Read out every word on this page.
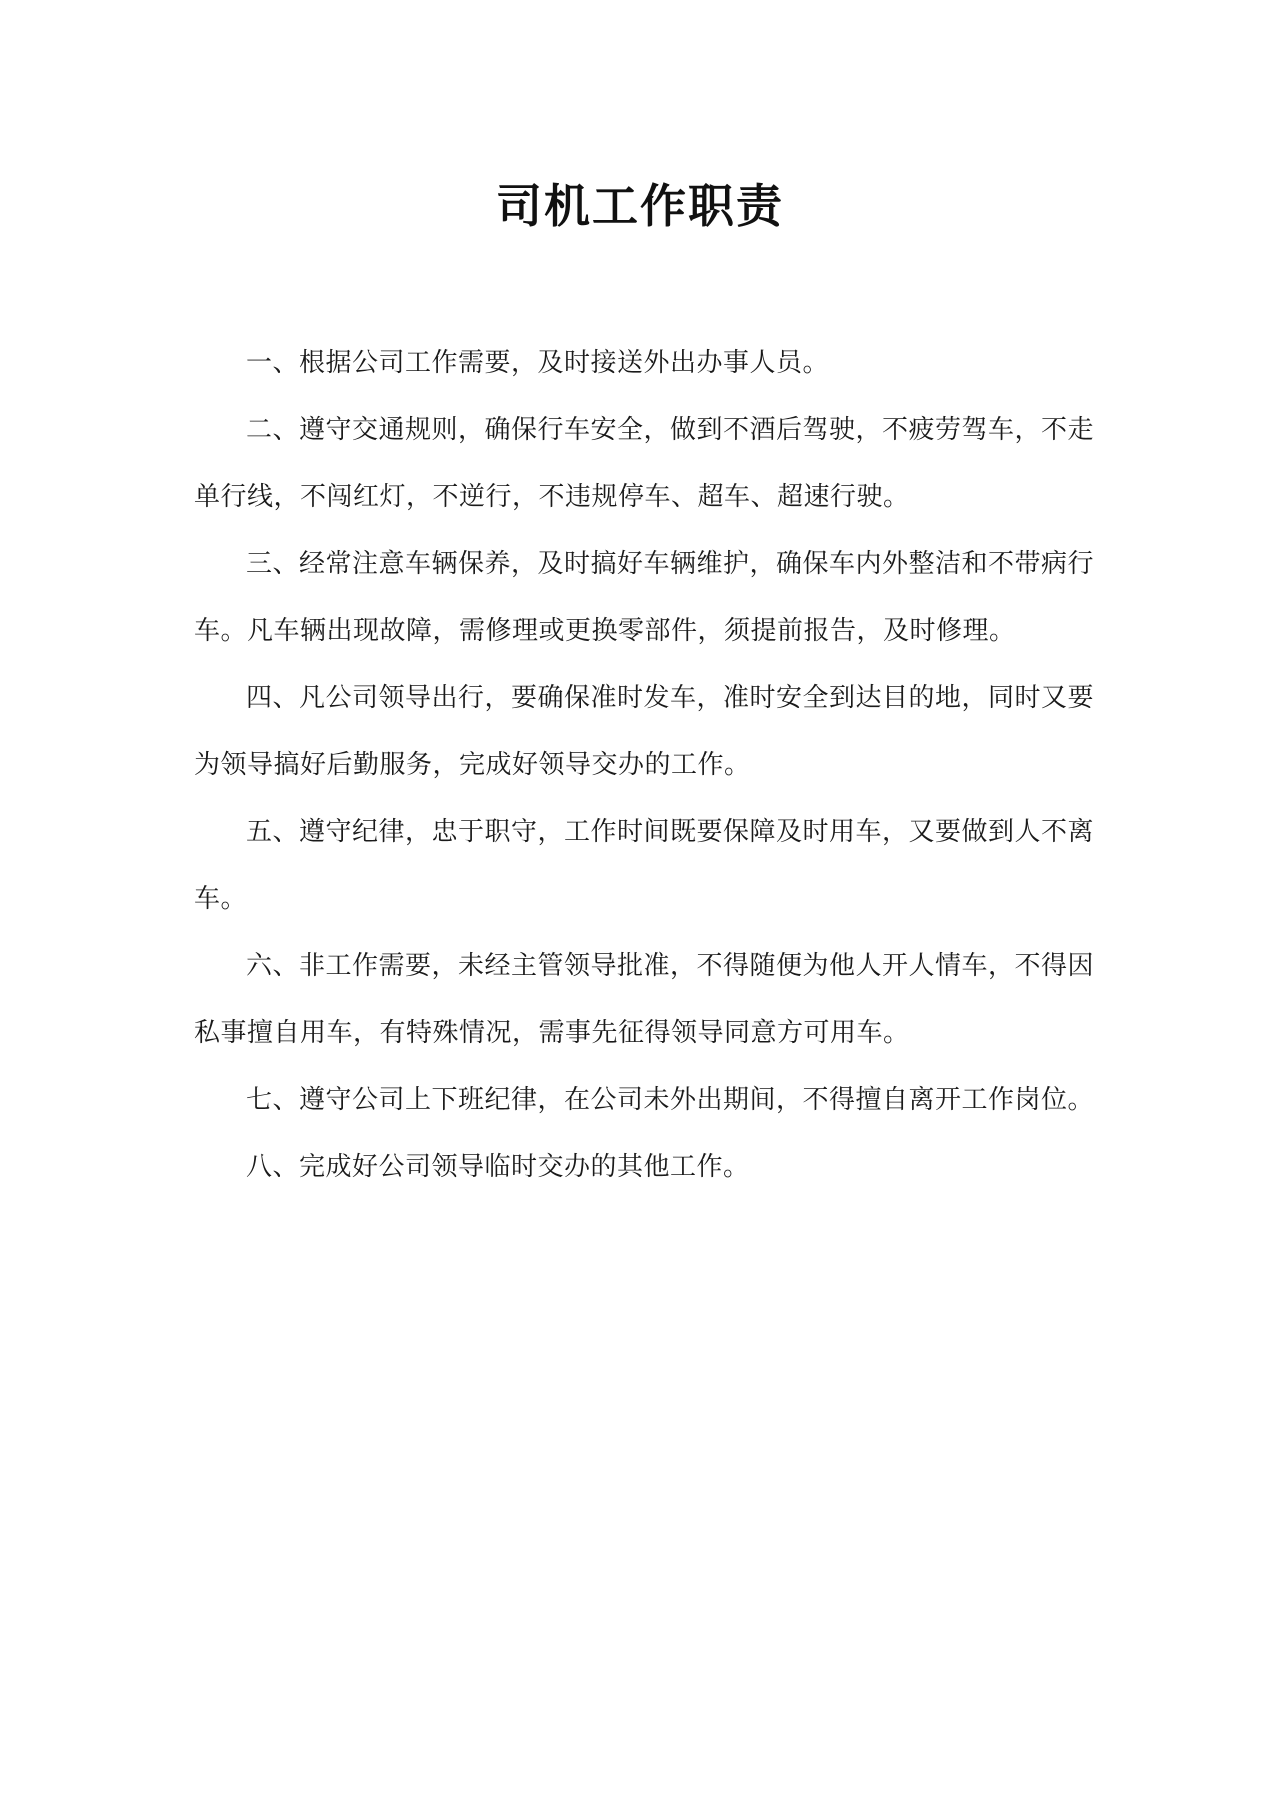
司机工作职责

一、根据公司工作需要，及时接送外出办事人员。

二、遵守交通规则，确保行车安全，做到不酒后驾驶，不疲劳驾车，不走单行线，不闯红灯，不逆行，不违规停车、超车、超速行驶。

三、经常注意车辆保养，及时搞好车辆维护，确保车内外整洁和不带病行车。凡车辆出现故障，需修理或更换零部件，须提前报告，及时修理。

四、凡公司领导出行，要确保准时发车，准时安全到达目的地，同时又要为领导搞好后勤服务，完成好领导交办的工作。

五、遵守纪律，忠于职守，工作时间既要保障及时用车，又要做到人不离车。

六、非工作需要，未经主管领导批准，不得随便为他人开人情车，不得因私事擅自用车，有特殊情况，需事先征得领导同意方可用车。

七、遵守公司上下班纪律，在公司未外出期间，不得擅自离开工作岗位。

八、完成好公司领导临时交办的其他工作。
